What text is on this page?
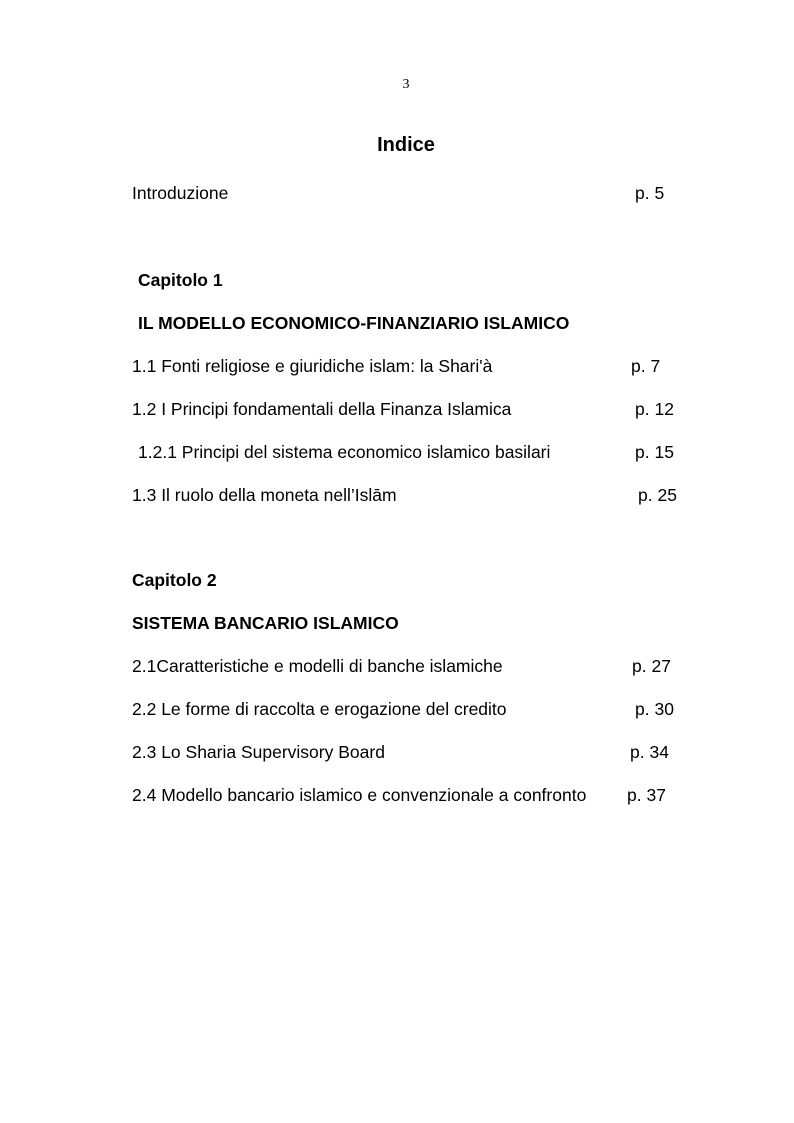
3
Indice
Introduzione	p. 5
Capitolo 1
IL MODELLO ECONOMICO-FINANZIARIO ISLAMICO
1.1 Fonti religiose e giuridiche islam: la Shari'à	p. 7
1.2 I Principi fondamentali della Finanza Islamica	p. 12
1.2.1 Principi del sistema economico islamico basilari	p. 15
1.3 Il ruolo della moneta nell’Islām	p. 25
Capitolo 2
SISTEMA BANCARIO ISLAMICO
2.1Caratteristiche e modelli di banche islamiche	p. 27
2.2 Le forme di raccolta e erogazione del credito	p. 30
2.3 Lo Sharia Supervisory Board	p. 34
2.4 Modello bancario islamico e convenzionale a confronto p. 37
